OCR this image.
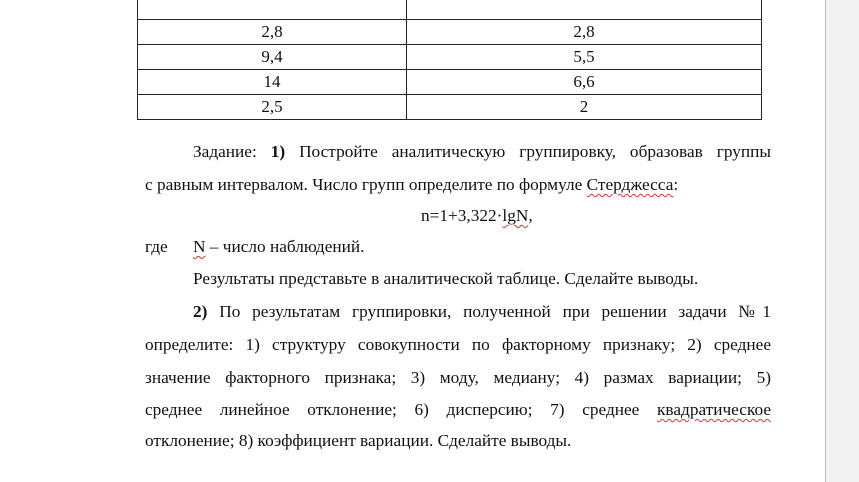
2,8	2,8
9,4	5,5
14	6,6
2,5	2
Задание: 1) Постройте аналитическую группировку, образовав группы
с равным интервалом. Число групп определите по формуле Стерджесса:
n=1+3,322·lgN,
где N – число наблюдений.
Результаты представьте в аналитической таблице. Сделайте выводы.
2) По результатам группировки, полученной при решении задачи №1
определите: 1) структуру совокупности по факторному признаку; 2) среднее
значение факторного признака; 3) моду, медиану; 4) размах вариации; 5)
среднее линейное отклонение; 6) дисперсию; 7) среднее квадратическое
отклонение; 8) коэффициент вариации. Сделайте выводы.
